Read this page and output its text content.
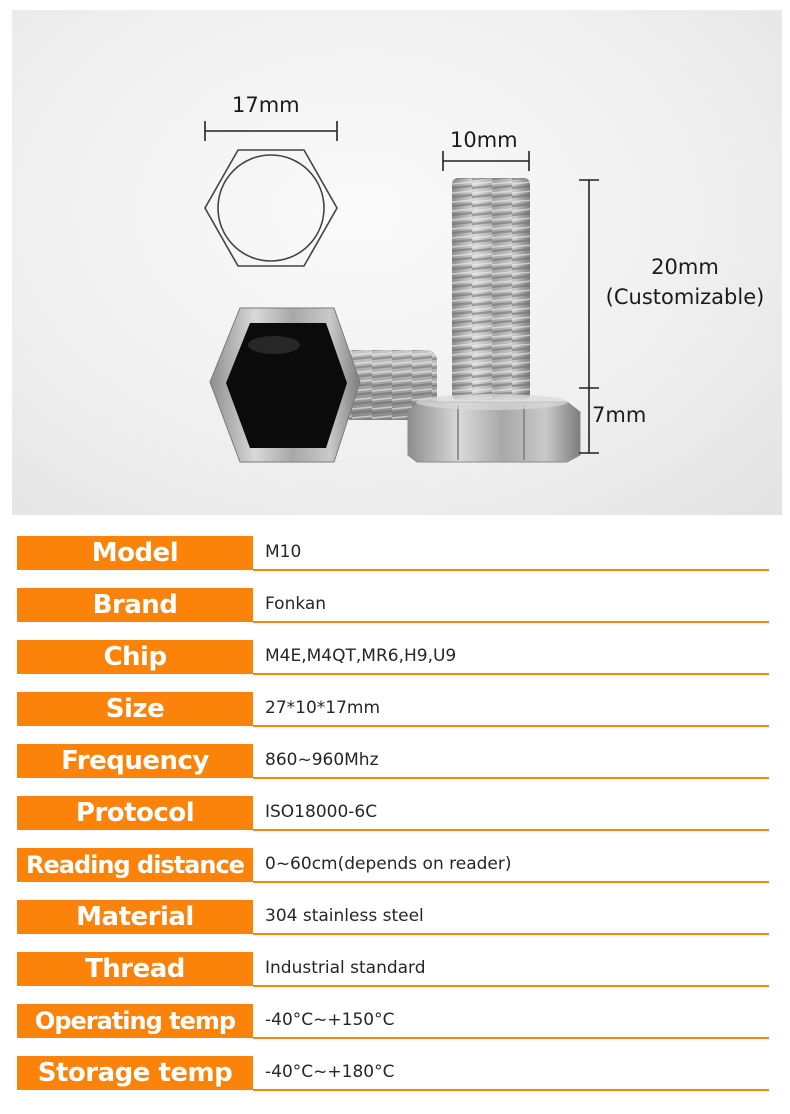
17mm
10mm
20mm
(Customizable)
7mm
Model	M10
Brand	Fonkan
Chip	M4E,M4QT,MR6,H9,U9
Size	27*10*17mm
Frequency	860~960Mhz
Protocol	ISO18000-6C
Reading distance	0~60cm(depends on reader)
Material	304 stainless steel
Thread	Industrial standard
Operating temp	-40°C~+150°C
Storage temp	-40°C~+180°C
